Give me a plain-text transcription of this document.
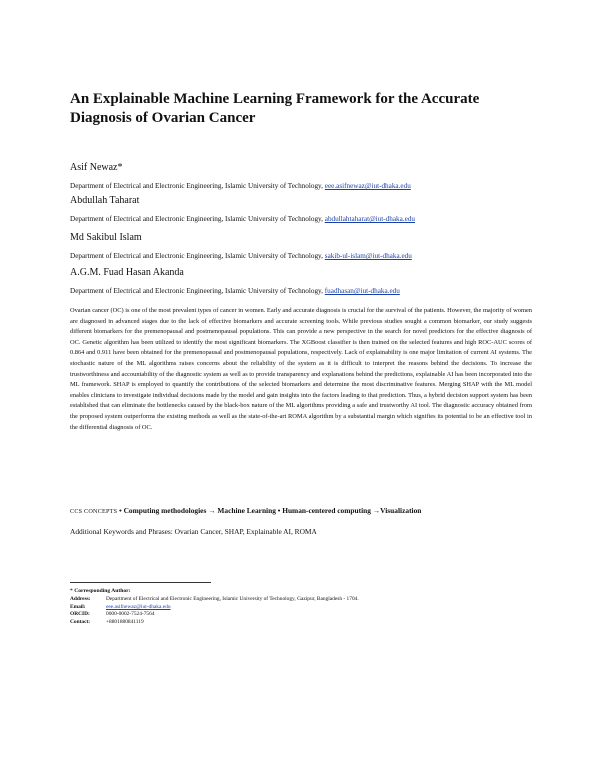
An Explainable Machine Learning Framework for the Accurate Diagnosis of Ovarian Cancer
Asif Newaz*
Department of Electrical and Electronic Engineering, Islamic University of Technology, eee.asifnewaz@iut-dhaka.edu
Abdullah Taharat
Department of Electrical and Electronic Engineering, Islamic University of Technology, abdullahtaharat@iut-dhaka.edu
Md Sakibul Islam
Department of Electrical and Electronic Engineering, Islamic University of Technology, sakib-ul-islam@iut-dhaka.edu
A.G.M. Fuad Hasan Akanda
Department of Electrical and Electronic Engineering, Islamic University of Technology, fuadhasan@iut-dhaka.edu

Ovarian cancer (OC) is one of the most prevalent types of cancer in women. Early and accurate diagnosis is crucial for the survival of the patients. However, the majority of women are diagnosed in advanced stages due to the lack of effective biomarkers and accurate screening tools. While previous studies sought a common biomarker, our study suggests different biomarkers for the premenopausal and postmenopausal populations. This can provide a new perspective in the search for novel predictors for the effective diagnosis of OC. Genetic algorithm has been utilized to identify the most significant biomarkers. The XGBoost classifier is then trained on the selected features and high ROC-AUC scores of 0.864 and 0.911 have been obtained for the premenopausal and postmenopausal populations, respectively. Lack of explainability is one major limitation of current AI systems. The stochastic nature of the ML algorithms raises concerns about the reliability of the system as it is difficult to interpret the reasons behind the decisions. To increase the trustworthiness and accountability of the diagnostic system as well as to provide transparency and explanations behind the predictions, explainable AI has been incorporated into the ML framework. SHAP is employed to quantify the contributions of the selected biomarkers and determine the most discriminative features. Merging SHAP with the ML model enables clinicians to investigate individual decisions made by the model and gain insights into the factors leading to that prediction. Thus, a hybrid decision support system has been established that can eliminate the bottlenecks caused by the black-box nature of the ML algorithms providing a safe and trustworthy AI tool. The diagnostic accuracy obtained from the proposed system outperforms the existing methods as well as the state-of-the-art ROMA algorithm by a substantial margin which signifies its potential to be an effective tool in the differential diagnosis of OC.

CCS CONCEPTS • Computing methodologies → Machine Learning • Human-centered computing →Visualization
Additional Keywords and Phrases: Ovarian Cancer, SHAP, Explainable AI, ROMA
* Corresponding Author:
Address:	Department of Electrical and Electronic Engineering, Islamic University of Technology, Gazipur, Bangladesh - 1704.
Email:	eee.asifnewaz@iut-dhaka.edu
ORCID:	0000-0002-7524-7564
Contact:	+8801880841119
